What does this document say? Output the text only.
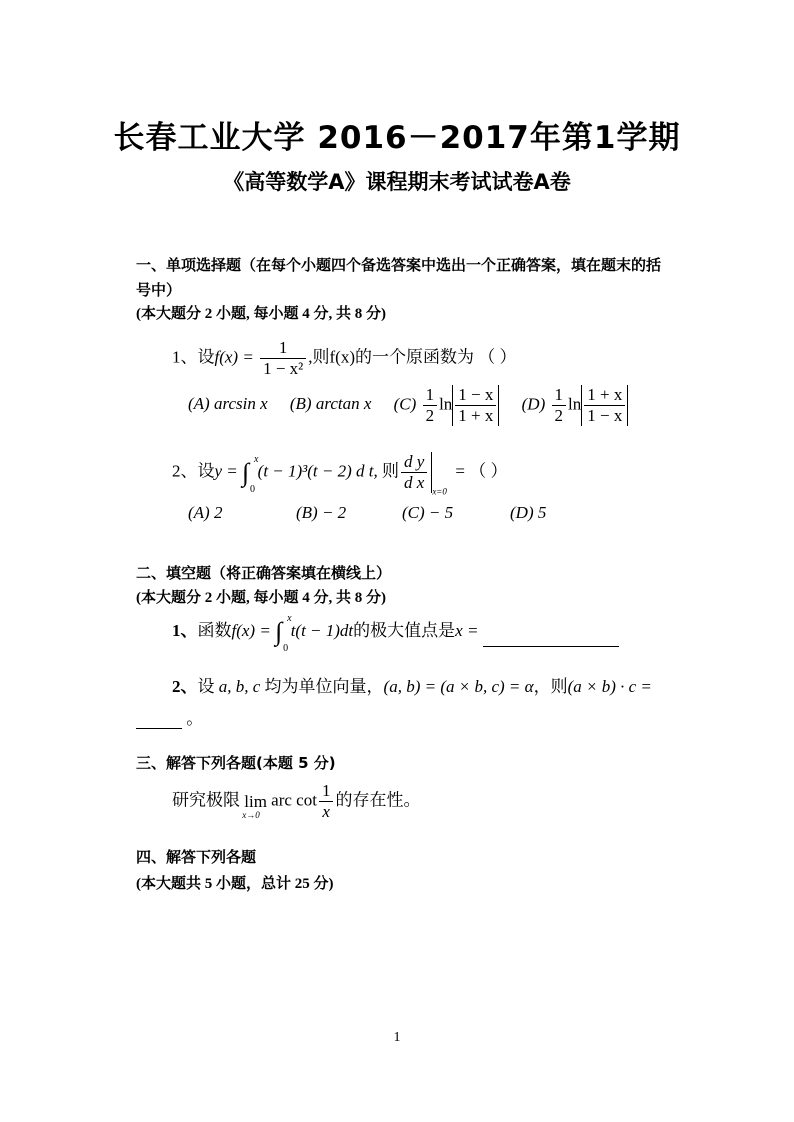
长春工业大学 2016－2017年第1学期
《高等数学A》课程期末考试试卷A卷
一、单项选择题（在每个小题四个备选答案中选出一个正确答案，填在题末的括号中）
(本大题分 2 小题, 每小题 4 分, 共 8 分)
1、设$f(x) = \frac{1}{\text{1 − x²}}$ ,则f(x)的一个原函数为 （ ）
(A) arcsin x (B) arctan x $(C) \frac{1}{2}$ $\ln \frac{1 - x}{1 + x} (D) \frac{1}{2}$ $\ln \frac{1 + x}{1 - x}$
2、设y = ∫ x
0
(t − 1)³(t − 2) d t, 则 $\frac{\text{d y}}{\text{d x}} _{x=0}$  = （ ）
(A) 2	(B) − 2	(C) − 5	(D) 5
二、填空题（将正确答案填在横线上）
(本大题分 2 小题, 每小题 4 分, 共 8 分)
1、函数f(x) = ∫ x
0
t(t − 1)dt的极大值点是x =
2、设 a, b, c 均为单位向量，(a, b) = (a × b, c) = α，则(a × b) · c =
。
三、解答下列各题(本题 5 分)
研究极限 lim
x→0
arc $\cot \frac{1}{x}$ 的存在性。
四、解答下列各题
(本大题共 5 小题，总计 25 分)
1
